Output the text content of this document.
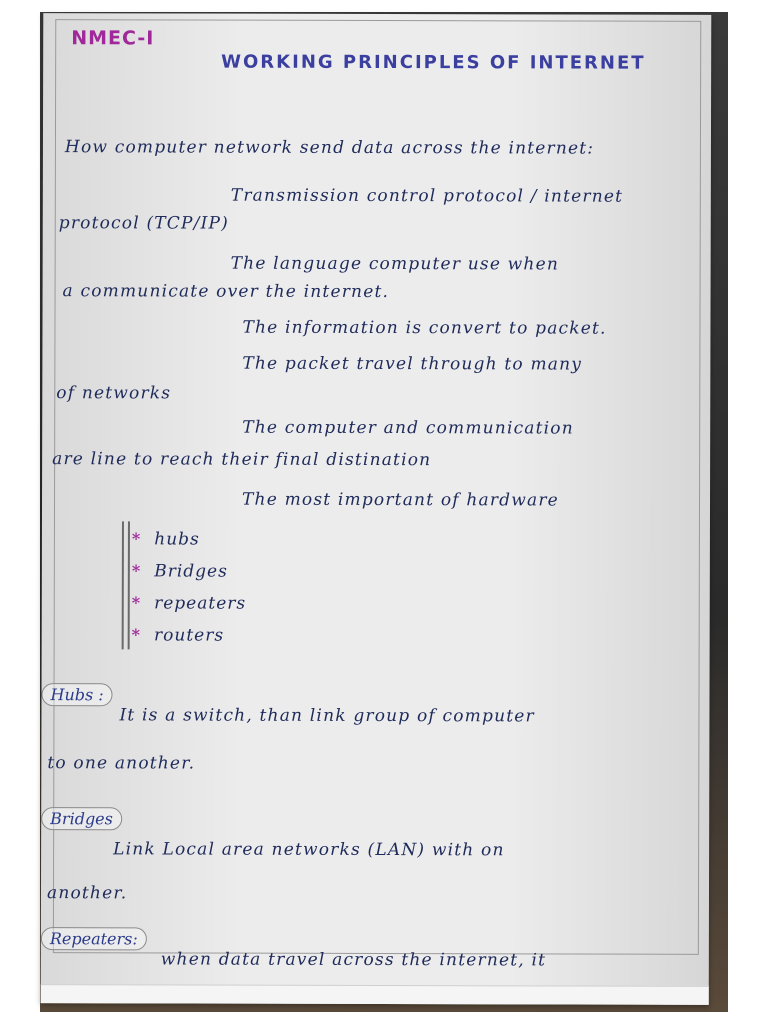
NMEC-I
WORKING PRINCIPLES OF INTERNET
How computer network send data across the internet:
Transmission control protocol / internet
protocol (TCP/IP)
The language computer use when
a communicate over the internet.
The information is convert to packet.
The packet travel through to many
of networks
The computer and communication
are line to reach their final distination
The most important of hardware
* hubs
* Bridges
* repeaters
* routers
Hubs :
It is a switch, than link group of computer
to one another.
Bridges
Link Local area networks (LAN) with on
another.
Repeaters:
when data travel across the internet, it
